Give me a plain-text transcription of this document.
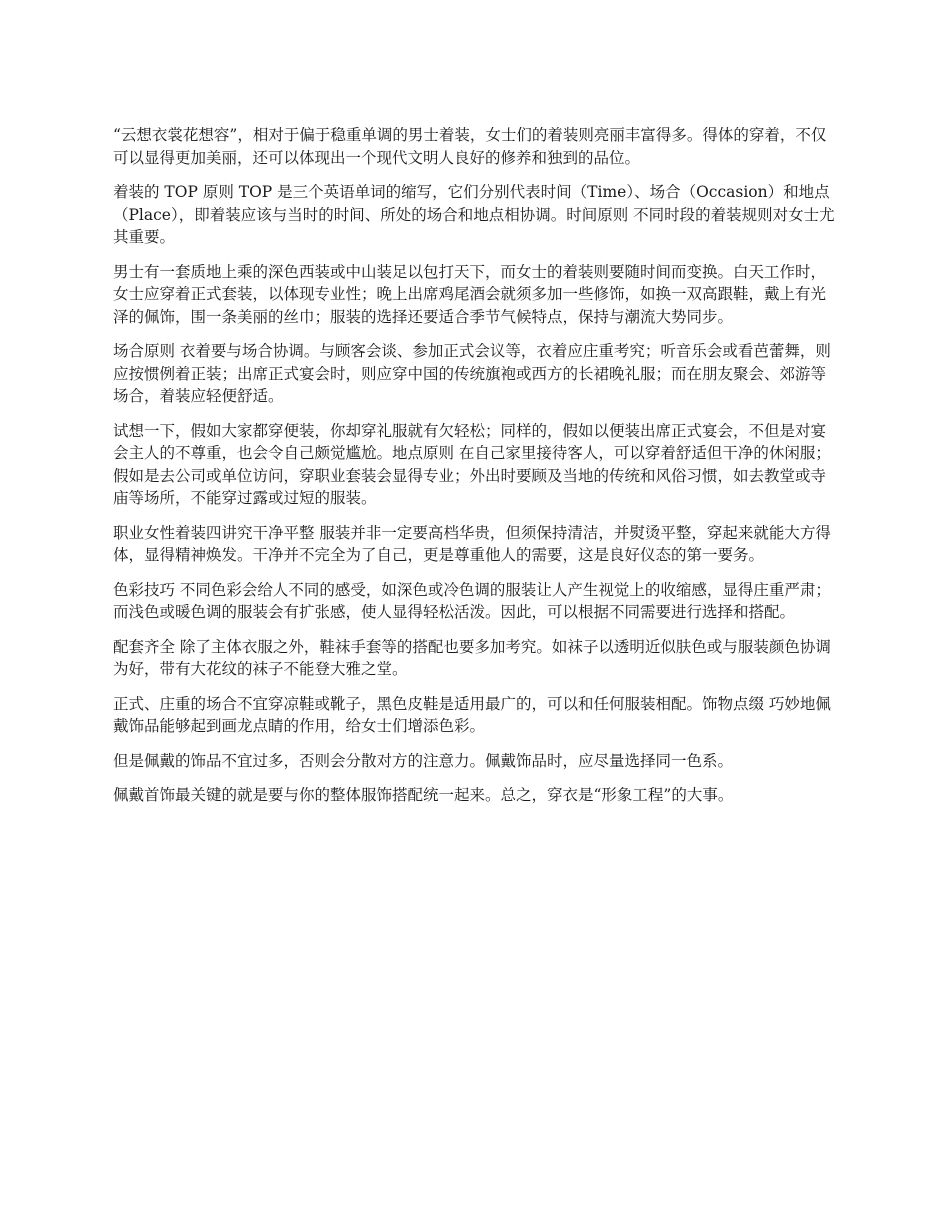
“云想衣裳花想容”，相对于偏于稳重单调的男士着装，女士们的着装则亮丽丰富得多。得体的穿着，不仅可以显得更加美丽，还可以体现出一个现代文明人良好的修养和独到的品位。

着装的 TOP 原则 TOP 是三个英语单词的缩写，它们分别代表时间（Time）、场合（Occasion）和地点（Place），即着装应该与当时的时间、所处的场合和地点相协调。时间原则 不同时段的着装规则对女士尤其重要。

男士有一套质地上乘的深色西装或中山装足以包打天下，而女士的着装则要随时间而变换。白天工作时，女士应穿着正式套装，以体现专业性；晚上出席鸡尾酒会就须多加一些修饰，如换一双高跟鞋，戴上有光泽的佩饰，围一条美丽的丝巾；服装的选择还要适合季节气候特点，保持与潮流大势同步。

场合原则 衣着要与场合协调。与顾客会谈、参加正式会议等，衣着应庄重考究；听音乐会或看芭蕾舞，则应按惯例着正装；出席正式宴会时，则应穿中国的传统旗袍或西方的长裙晚礼服；而在朋友聚会、郊游等场合，着装应轻便舒适。

试想一下，假如大家都穿便装，你却穿礼服就有欠轻松；同样的，假如以便装出席正式宴会，不但是对宴会主人的不尊重，也会令自己颇觉尴尬。地点原则 在自己家里接待客人，可以穿着舒适但干净的休闲服；假如是去公司或单位访问，穿职业套装会显得专业；外出时要顾及当地的传统和风俗习惯，如去教堂或寺庙等场所，不能穿过露或过短的服装。

职业女性着装四讲究干净平整 服装并非一定要高档华贵，但须保持清洁，并熨烫平整，穿起来就能大方得体，显得精神焕发。干净并不完全为了自己，更是尊重他人的需要，这是良好仪态的第一要务。

色彩技巧 不同色彩会给人不同的感受，如深色或冷色调的服装让人产生视觉上的收缩感，显得庄重严肃；而浅色或暖色调的服装会有扩张感，使人显得轻松活泼。因此，可以根据不同需要进行选择和搭配。

配套齐全 除了主体衣服之外，鞋袜手套等的搭配也要多加考究。如袜子以透明近似肤色或与服装颜色协调为好，带有大花纹的袜子不能登大雅之堂。

正式、庄重的场合不宜穿凉鞋或靴子，黑色皮鞋是适用最广的，可以和任何服装相配。饰物点缀 巧妙地佩戴饰品能够起到画龙点睛的作用，给女士们增添色彩。

但是佩戴的饰品不宜过多，否则会分散对方的注意力。佩戴饰品时，应尽量选择同一色系。

佩戴首饰最关键的就是要与你的整体服饰搭配统一起来。总之，穿衣是“形象工程”的大事。
